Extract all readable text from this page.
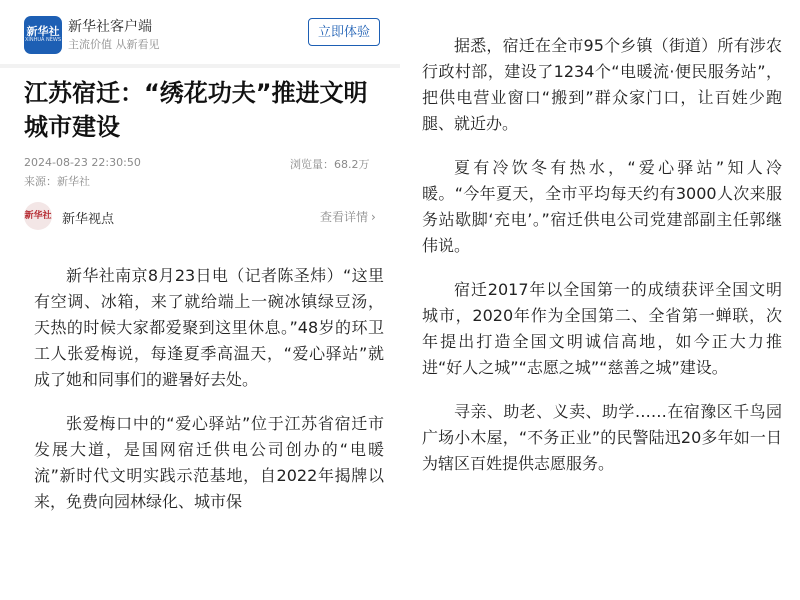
新华社
XINHUA NEWS
新华社客户端
主流价值 从新看见
立即体验
江苏宿迁：“绣花功夫”推进文明城市建设
2024-08-23 22:30:50	浏览量：68.2万
来源：新华社
新华社 新华视点	查看详情 ›

新华社南京8月23日电（记者陈圣炜）“这里有空调、冰箱，来了就给端上一碗冰镇绿豆汤，天热的时候大家都爱聚到这里休息。”48岁的环卫工人张爱梅说，每逢夏季高温天，“爱心驿站”就成了她和同事们的避暑好去处。

张爱梅口中的“爱心驿站”位于江苏省宿迁市发展大道，是国网宿迁供电公司创办的“电暖流”新时代文明实践示范基地，自2022年揭牌以来，免费向园林绿化、城市保

据悉，宿迁在全市95个乡镇（街道）所有涉农行政村部，建设了1234个“电暖流·便民服务站”，把供电营业窗口“搬到”群众家门口，让百姓少跑腿、就近办。

夏有冷饮冬有热水，“爱心驿站”知人冷暖。“今年夏天，全市平均每天约有3000人次来服务站歇脚‘充电’。”宿迁供电公司党建部副主任郭继伟说。

宿迁2017年以全国第一的成绩获评全国文明城市，2020年作为全国第二、全省第一蝉联，次年提出打造全国文明诚信高地，如今正大力推进“好人之城”“志愿之城”“慈善之城”建设。

寻亲、助老、义卖、助学……在宿豫区千鸟园广场小木屋，“不务正业”的民警陆迅20多年如一日为辖区百姓提供志愿服务。
